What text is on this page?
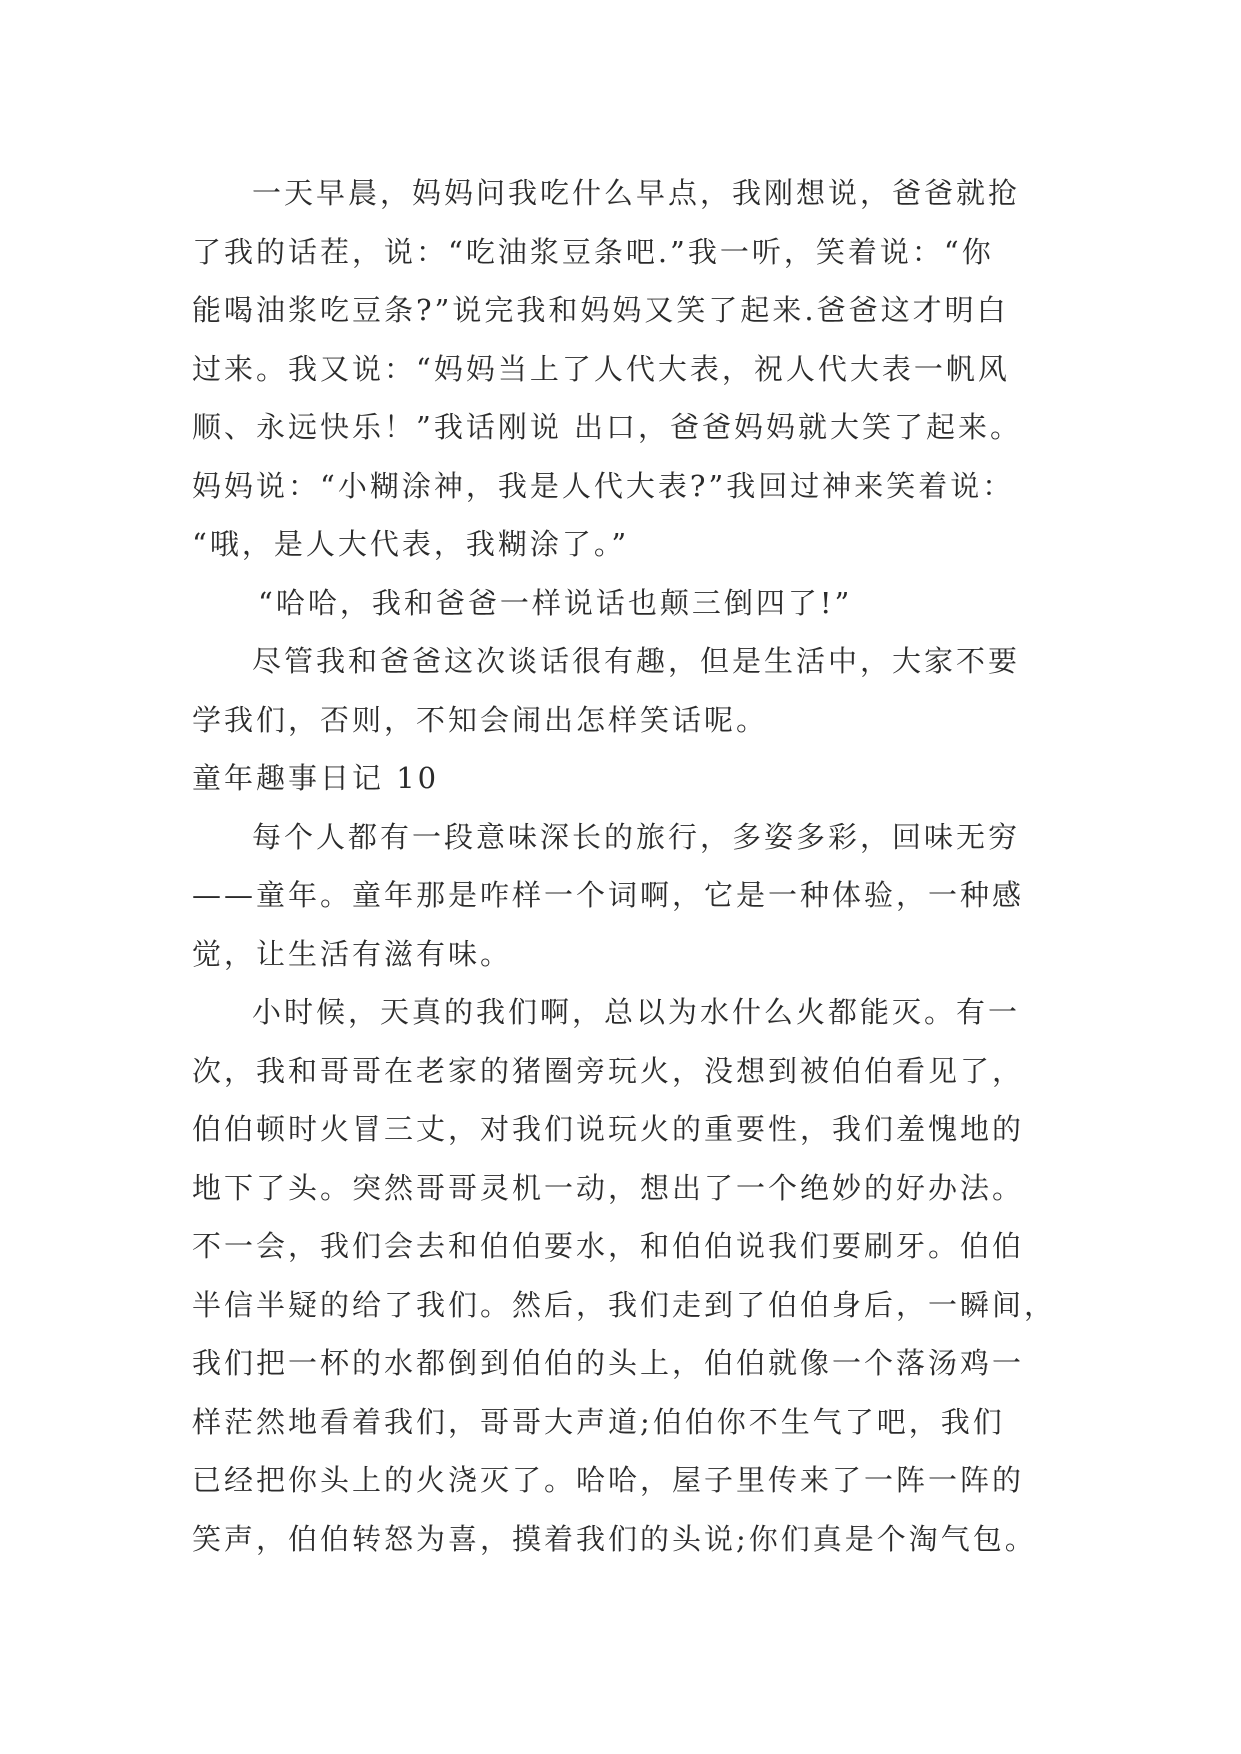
一天早晨，妈妈问我吃什么早点，我刚想说，爸爸就抢
了我的话茬，说：“吃油浆豆条吧.”我一听，笑着说：“你
能喝油浆吃豆条?”说完我和妈妈又笑了起来.爸爸这才明白
过来。我又说：“妈妈当上了人代大表，祝人代大表一帆风
顺、永远快乐！”我话刚说 出口，爸爸妈妈就大笑了起来。
妈妈说：“小糊涂神，我是人代大表?”我回过神来笑着说：
“哦，是人大代表，我糊涂了。”
“哈哈，我和爸爸一样说话也颠三倒四了!”
尽管我和爸爸这次谈话很有趣，但是生活中，大家不要
学我们，否则，不知会闹出怎样笑话呢。
童年趣事日记 10
每个人都有一段意味深长的旅行，多姿多彩，回味无穷
——童年。童年那是咋样一个词啊，它是一种体验，一种感
觉，让生活有滋有味。
小时候，天真的我们啊，总以为水什么火都能灭。有一
次，我和哥哥在老家的猪圈旁玩火，没想到被伯伯看见了，
伯伯顿时火冒三丈，对我们说玩火的重要性，我们羞愧地的
地下了头。突然哥哥灵机一动，想出了一个绝妙的好办法。
不一会，我们会去和伯伯要水，和伯伯说我们要刷牙。伯伯
半信半疑的给了我们。然后，我们走到了伯伯身后，一瞬间，
我们把一杯的水都倒到伯伯的头上，伯伯就像一个落汤鸡一
样茫然地看着我们，哥哥大声道;伯伯你不生气了吧，我们
已经把你头上的火浇灭了。哈哈，屋子里传来了一阵一阵的
笑声，伯伯转怒为喜，摸着我们的头说;你们真是个淘气包。
